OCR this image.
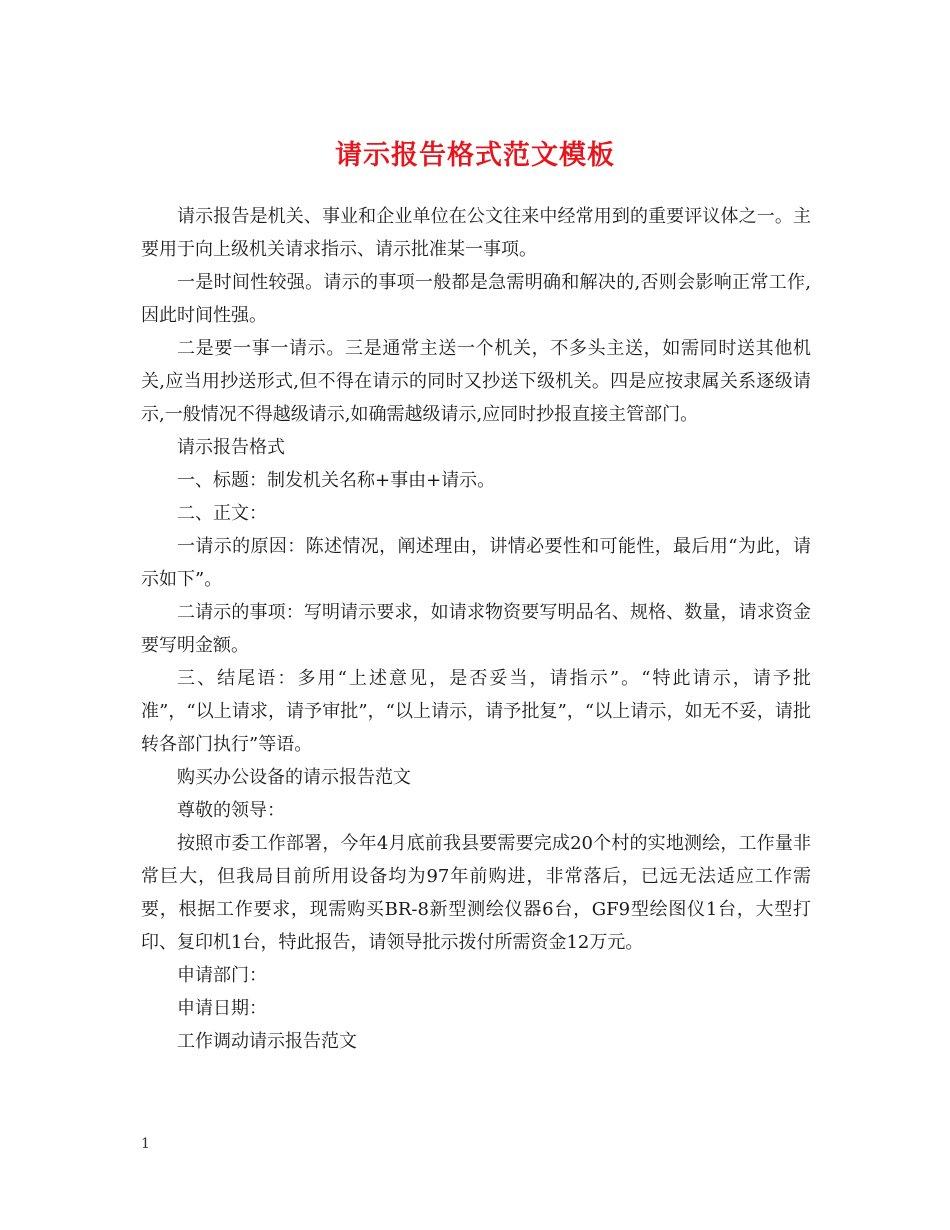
请示报告格式范文模板

请示报告是机关、事业和企业单位在公文往来中经常用到的重要评议体之一。主要用于向上级机关请求指示、请示批准某一事项。

一是时间性较强。请示的事项一般都是急需明确和解决的,否则会影响正常工作,因此时间性强。

二是要一事一请示。三是通常主送一个机关，不多头主送，如需同时送其他机关,应当用抄送形式,但不得在请示的同时又抄送下级机关。四是应按隶属关系逐级请示,一般情况不得越级请示,如确需越级请示,应同时抄报直接主管部门。

请示报告格式

一、标题：制发机关名称+事由+请示。

二、正文：

一请示的原因：陈述情况，阐述理由，讲情必要性和可能性，最后用“为此，请示如下”。

二请示的事项：写明请示要求，如请求物资要写明品名、规格、数量，请求资金要写明金额。

三、结尾语：多用“上述意见，是否妥当，请指示”。“特此请示，请予批准”，“以上请求，请予审批”，“以上请示，请予批复”，“以上请示，如无不妥，请批转各部门执行”等语。

购买办公设备的请示报告范文

尊敬的领导：

按照市委工作部署，今年4月底前我县要需要完成20个村的实地测绘，工作量非常巨大，但我局目前所用设备均为97年前购进，非常落后，已远无法适应工作需要，根据工作要求，现需购买BR-8新型测绘仪器6台，GF9型绘图仪1台，大型打印、复印机1台，特此报告，请领导批示拨付所需资金12万元。

申请部门：

申请日期：

工作调动请示报告范文

1
